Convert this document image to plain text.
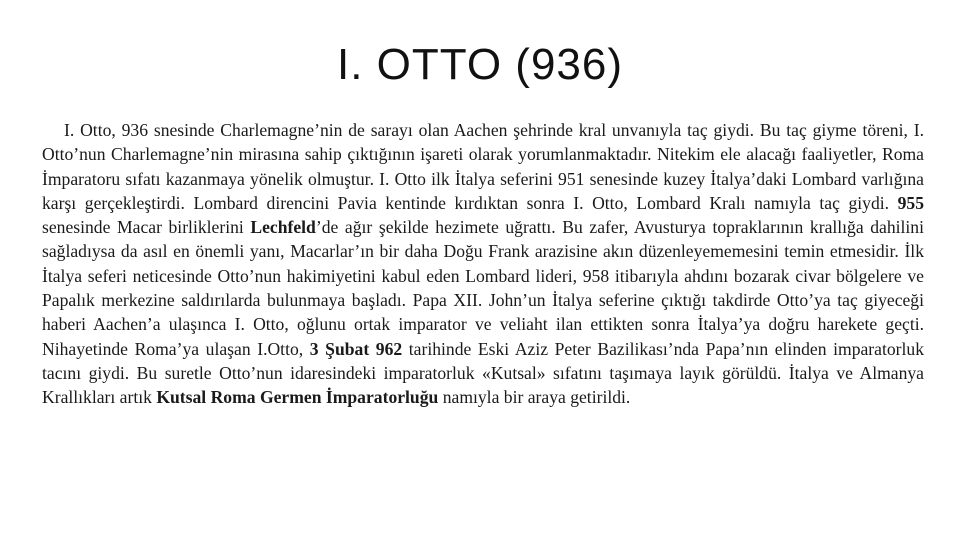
I. OTTO (936)

I. Otto, 936 snesinde Charlemagne’nin de sarayı olan Aachen şehrinde kral unvanıyla taç giydi. Bu taç giyme töreni, I. Otto’nun Charlemagne’nin mirasına sahip çıktığının işareti olarak yorumlanmaktadır. Nitekim ele alacağı faaliyetler, Roma İmparatoru sıfatı kazanmaya yönelik olmuştur. I. Otto ilk İtalya seferini 951 senesinde kuzey İtalya’daki Lombard varlığına karşı gerçekleştirdi. Lombard direncini Pavia kentinde kırdıktan sonra I. Otto, Lombard Kralı namıyla taç giydi. 955 senesinde Macar birliklerini Lechfeld’de ağır şekilde hezimete uğrattı. Bu zafer, Avusturya topraklarının krallığa dahilini sağladıysa da asıl en önemli yanı, Macarlar’ın bir daha Doğu Frank arazisine akın düzenleyememesini temin etmesidir. İlk İtalya seferi neticesinde Otto’nun hakimiyetini kabul eden Lombard lideri, 958 itibarıyla ahdını bozarak civar bölgelere ve Papalık merkezine saldırılarda bulunmaya başladı. Papa XII. John’un İtalya seferine çıktığı takdirde Otto’ya taç giyeceği haberi Aachen’a ulaşınca I. Otto, oğlunu ortak imparator ve veliaht ilan ettikten sonra İtalya’ya doğru harekete geçti. Nihayetinde Roma’ya ulaşan I.Otto, 3 Şubat 962 tarihinde Eski Aziz Peter Bazilikası’nda Papa’nın elinden imparatorluk tacını giydi. Bu suretle Otto’nun idaresindeki imparatorluk «Kutsal» sıfatını taşımaya layık görüldü. İtalya ve Almanya Krallıkları artık Kutsal Roma Germen İmparatorluğu namıyla bir araya getirildi.
